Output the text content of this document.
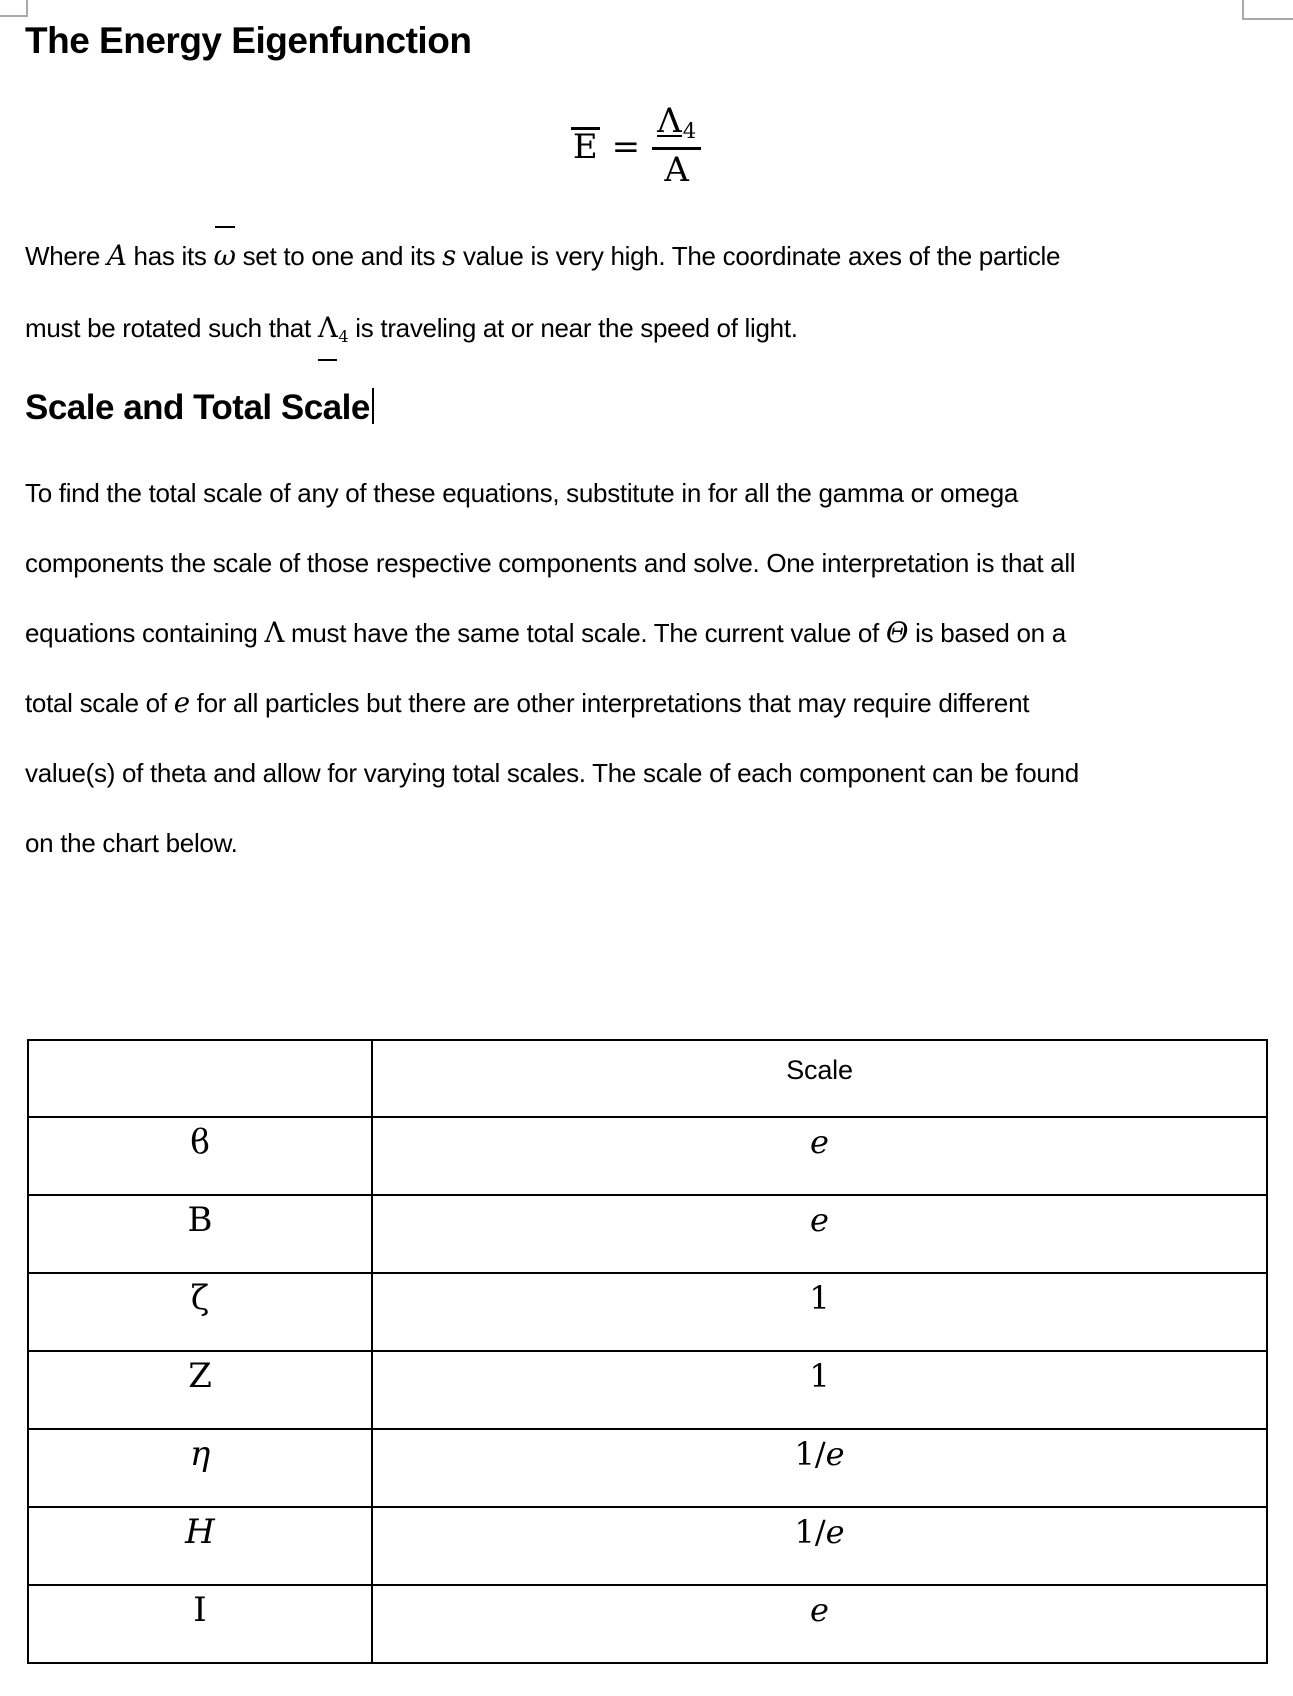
The Energy Eigenfunction
$E = \frac{\Lambda_4}{A}$
Where A has its ω set to one and its s value is very high. The coordinate axes of the particle
must be rotated such that $\Lambda_4$ is traveling at or near the speed of light.
Scale and Total Scale
To find the total scale of any of these equations, substitute in for all the gamma or omega
components the scale of those respective components and solve. One interpretation is that all
equations containing Λ must have the same total scale. The current value of Θ is based on a
total scale of e for all particles but there are other interpretations that may require different
value(s) of theta and allow for varying total scales. The scale of each component can be found
on the chart below.
	Scale
ϐ	e
B	e
ζ	1
Z	1
η	1/e
H	1/e
I	e
